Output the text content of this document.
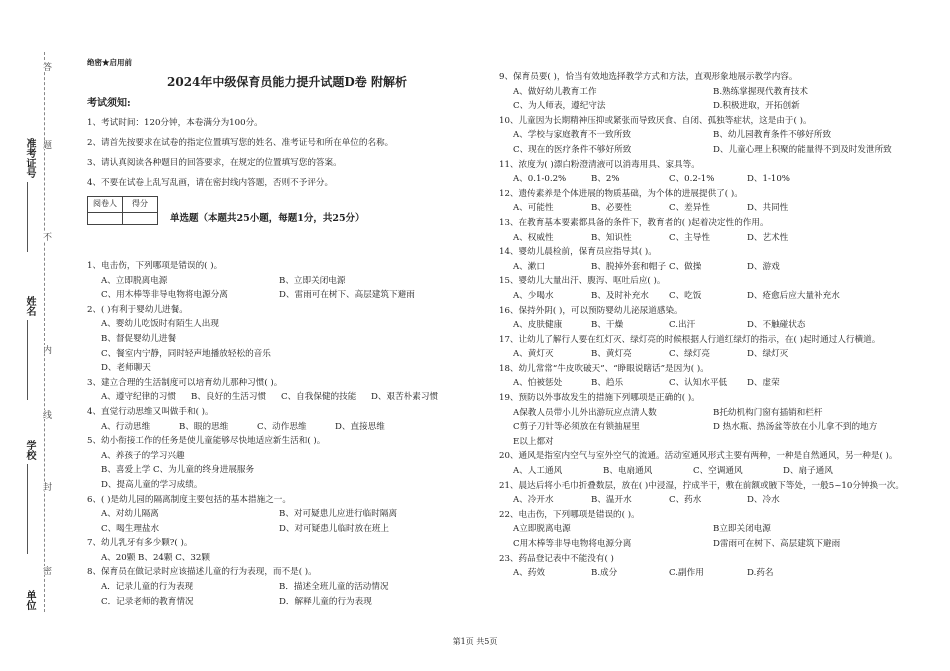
准考证号
姓名
学校
单位
答
题
不
内
线
封
密
绝密★启用前
2024年中级保育员能力提升试题D卷 附解析
考试须知:

1、考试时间：120分钟，本卷满分为100分。

2、请首先按要求在试卷的指定位置填写您的姓名、准考证号和所在单位的名称。

3、请认真阅读各种题目的回答要求，在规定的位置填写您的答案。

4、不要在试卷上乱写乱画，请在密封线内答题，否则不予评分。

阅卷人	得分

单选题（本题共25小题，每题1分，共25分）
1、电击伤，下列哪项是错误的( )。
A、立即脱离电源	B、立即关闭电源
C、用木棒等非导电物将电源分离	D、雷雨可在树下、高层建筑下避雨
2、( )有利于婴幼儿进餐。
A、婴幼儿吃饭时有陌生人出现
B、督促婴幼儿进餐
C、餐室内宁静，同时轻声地播放轻松的音乐
D、老师聊天
3、建立合理的生活制度可以培育幼儿那种习惯( )。
A、遵守纪律的习惯	B、良好的生活习惯	C、自我保健的技能	D、艰苦朴素习惯
4、直觉行动思维又叫做手和( )。
A、行动思维	B、眼的思维	C、动作思维	D、直接思维
5、幼小衔接工作的任务是使儿童能够尽快地适应新生活和( )。
A、养孩子的学习兴趣
B、喜爱上学 C、为儿童的终身进展服务
D、提高儿童的学习成绩。
6、( )是幼儿园的隔离制度主要包括的基本措施之一。
A、对幼儿隔离	B、对可疑患儿应进行临时隔离
C、喝生理盐水	D、对可疑患儿临时放在班上
7、幼儿乳牙有多少颗?( )。
A、20颗 B、24颗 C、32颗
8、保育员在做记录时应该描述儿童的行为表现，而不是( )。
A．记录儿童的行为表现	B．描述全班儿童的活动情况
C．记录老师的教育情况	D．解释儿童的行为表现
9、保育员要( )，恰当有效地选择教学方式和方法，直观形象地展示教学内容。
A、做好幼儿教育工作	B.熟练掌握现代教育技术
C、为人师表，遵纪守法	D.积极进取，开拓创新
10、儿童因为长期精神压抑或紧张而导致厌食、自闭、孤独等症状，这是由于( )。
A、学校与家庭教育不一致所致	B、幼儿园教育条件不够好所致
C、现在的医疗条件不够好所致	D、儿童心理上积聚的能量得不到及时发泄所致
11、浓度为( )漂白粉澄清液可以消毒用具、家具等。
A、0.1-0.2%	B、2%	C、0.2-1%	D、1-10%
12、遗传素养是个体进展的物质基础，为个体的进展提供了( )。
A、可能性	B、必要性	C、差异性	D、共同性
13、在教育基本要素都具备的条件下，教育者的( )起着决定性的作用。
A、权威性	B、知识性	C、主导性	D、艺术性
14、婴幼儿晨检前，保育员应指导其( )。
A、漱口	B、脱掉外套和帽子 C、做操	D、游戏
15、婴幼儿大量出汗、腹泻、呕吐后应( )。
A、少喝水	B、及时补充水	C、吃饭	D、疮愈后应大量补充水
16、保持外阴( )，可以预防婴幼儿泌尿道感染。
A、皮肤健康	B、干燥	C.出汗	D、不触碰状态
17、让幼儿了解行人要在红灯灭、绿灯亮的时候根据人行道红绿灯的指示，在( )起时通过人行横道。
A、黄灯灭	B、黄灯亮	C、绿灯亮	D、绿灯灭
18、幼儿常常“牛皮吹破天”、“睁眼说瞎话”是因为( )。
A、怕被惩处	B、趋乐	C、认知水平低	D、虚荣
19、预防以外事故发生的措施下列哪项是正确的( )。
A保教人员带小儿外出游玩应点清人数	B托幼机构门窗有插销和栏杆
C剪子刀针等必须放在有锁抽屉里	D 热水瓶、热汤盆等放在小儿拿不到的地方
E以上都对
20、通风是指室内空气与室外空气的流通。活动室通风形式主要有两种，一种是自然通风，另一种是( )。
A、人工通风	B、电扇通风	C、空调通风	D、扇子通风
21、晨达后将小毛巾折叠数层，放在( )中浸湿，拧成半干，敷在前额或腋下等处，一般5~10分钟换一次。
A、冷开水	B、温开水	C、药水	D、冷水
22、电击伤，下列哪项是错误的( )。
A立即脱离电源	B立即关闭电源
C用木棒等非导电物将电源分离	D雷雨可在树下、高层建筑下避雨
23、药品登记表中不能没有( )
A、药效	B.成分	C.副作用	D.药名
第1页 共5页
